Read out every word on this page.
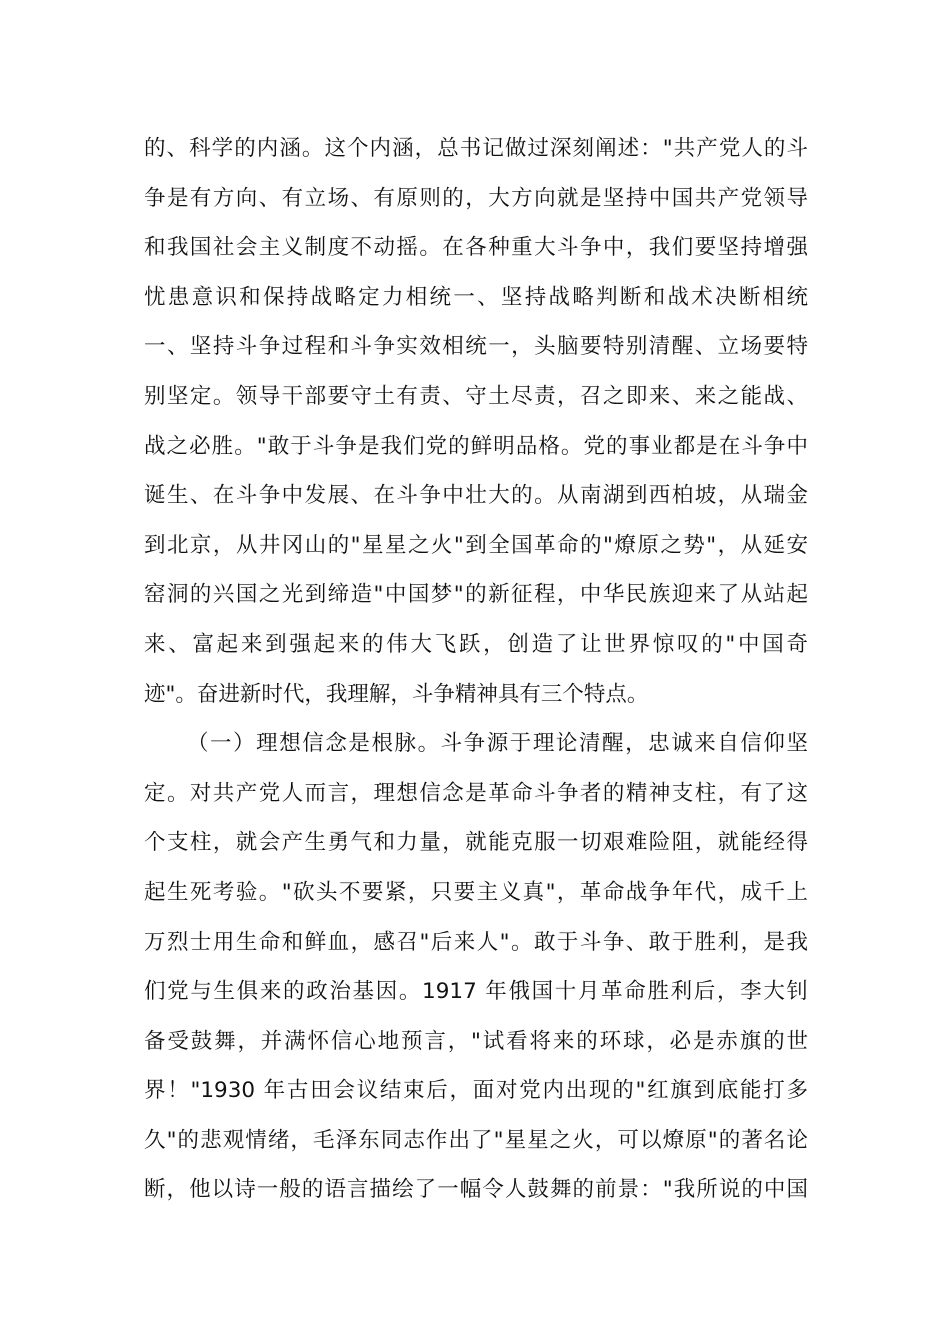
的、科学的内涵。这个内涵，总书记做过深刻阐述："共产党人的斗
争是有方向、有立场、有原则的，大方向就是坚持中国共产党领导
和我国社会主义制度不动摇。在各种重大斗争中，我们要坚持增强
忧患意识和保持战略定力相统一、坚持战略判断和战术决断相统
一、坚持斗争过程和斗争实效相统一，头脑要特别清醒、立场要特
别坚定。领导干部要守土有责、守土尽责，召之即来、来之能战、
战之必胜。"敢于斗争是我们党的鲜明品格。党的事业都是在斗争中
诞生、在斗争中发展、在斗争中壮大的。从南湖到西柏坡，从瑞金
到北京，从井冈山的"星星之火"到全国革命的"燎原之势"，从延安
窑洞的兴国之光到缔造"中国梦"的新征程，中华民族迎来了从站起
来、富起来到强起来的伟大飞跃，创造了让世界惊叹的"中国奇
迹"。奋进新时代，我理解，斗争精神具有三个特点。
（一）理想信念是根脉。斗争源于理论清醒，忠诚来自信仰坚
定。对共产党人而言，理想信念是革命斗争者的精神支柱，有了这
个支柱，就会产生勇气和力量，就能克服一切艰难险阻，就能经得
起生死考验。"砍头不要紧，只要主义真"，革命战争年代，成千上
万烈士用生命和鲜血，感召"后来人"。敢于斗争、敢于胜利，是我
们党与生俱来的政治基因。1917 年俄国十月革命胜利后，李大钊
备受鼓舞，并满怀信心地预言，"试看将来的环球，必是赤旗的世
界！"1930 年古田会议结束后，面对党内出现的"红旗到底能打多
久"的悲观情绪，毛泽东同志作出了"星星之火，可以燎原"的著名论
断，他以诗一般的语言描绘了一幅令人鼓舞的前景："我所说的中国
